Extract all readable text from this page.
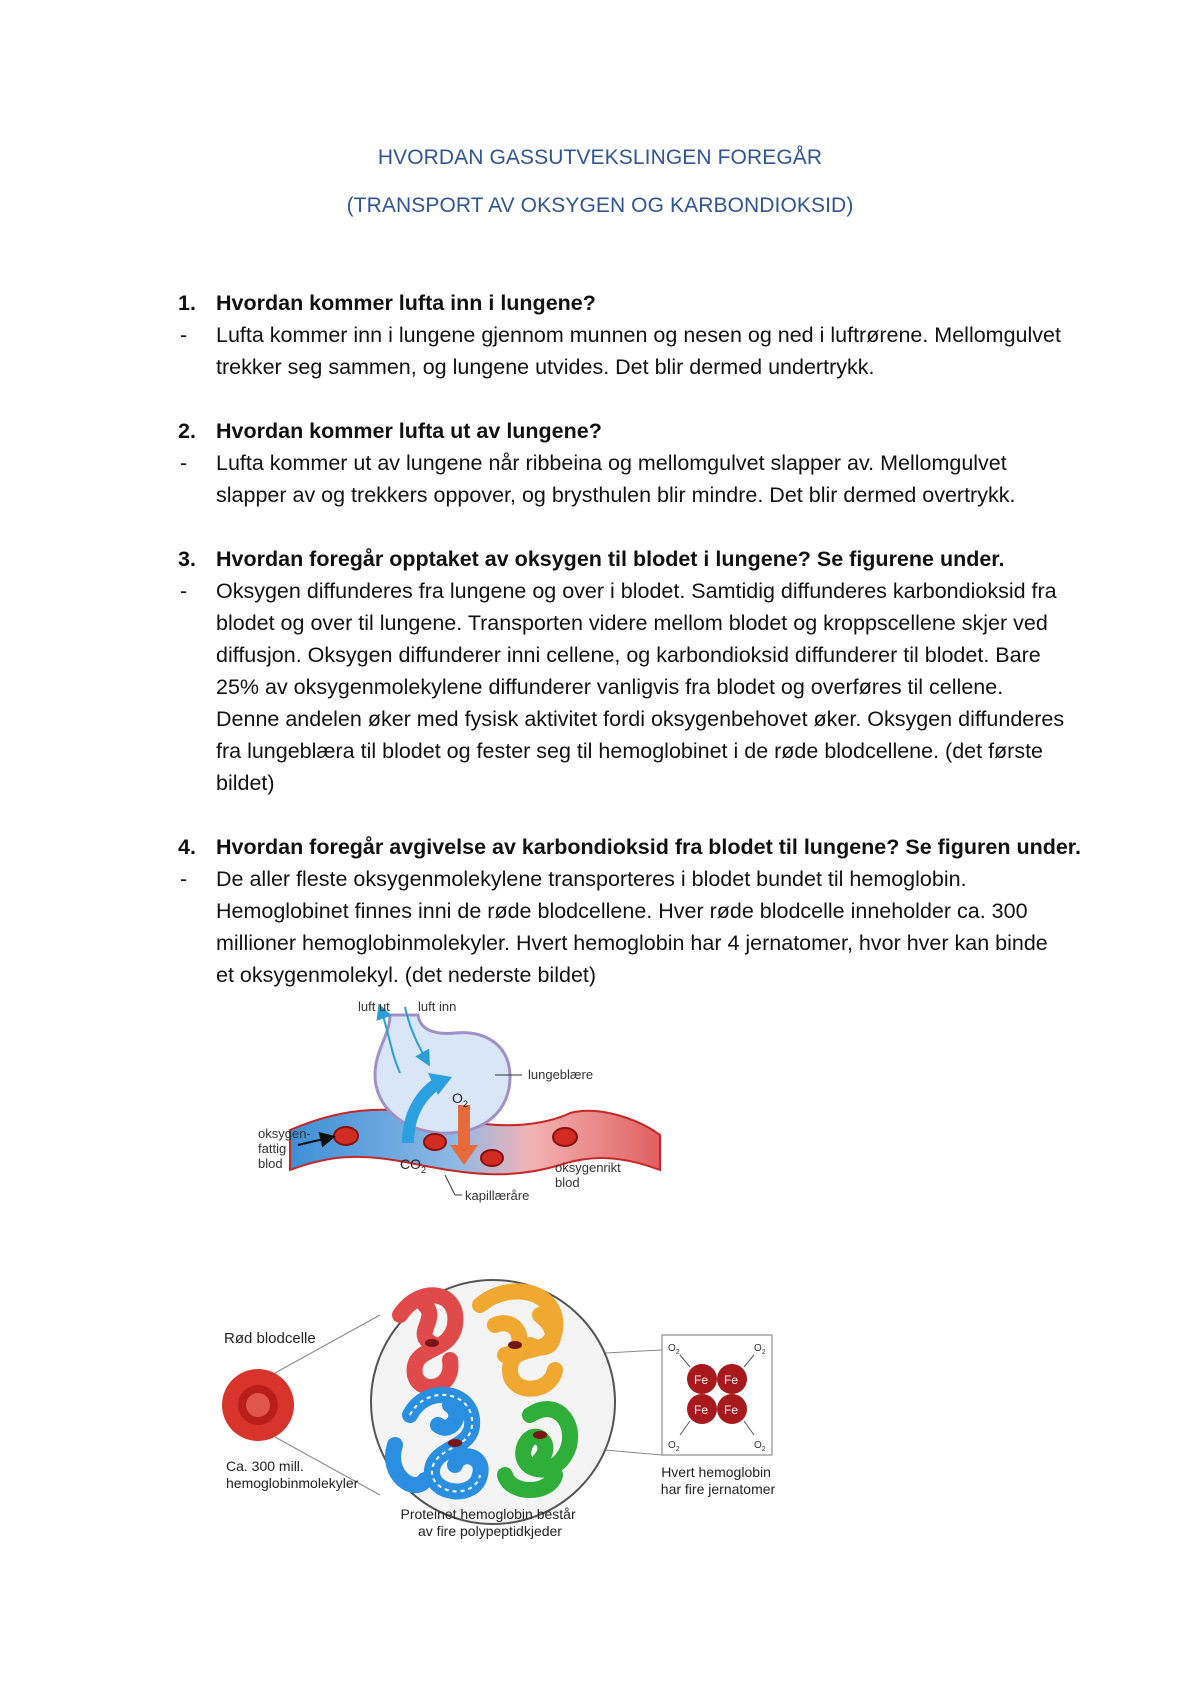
HVORDAN GASSUTVEKSLINGEN FOREGÅR
(TRANSPORT AV OKSYGEN OG KARBONDIOKSID)
1. Hvordan kommer lufta inn i lungene?
- Lufta kommer inn i lungene gjennom munnen og nesen og ned i luftrørene. Mellomgulvet trekker seg sammen, og lungene utvides. Det blir dermed undertrykk.

2. Hvordan kommer lufta ut av lungene?
- Lufta kommer ut av lungene når ribbeina og mellomgulvet slapper av. Mellomgulvet slapper av og trekkers oppover, og brysthulen blir mindre. Det blir dermed overtrykk.

3. Hvordan foregår opptaket av oksygen til blodet i lungene? Se figurene under.
- Oksygen diffunderes fra lungene og over i blodet. Samtidig diffunderes karbondioksid fra blodet og over til lungene. Transporten videre mellom blodet og kroppscellene skjer ved diffusjon. Oksygen diffunderer inni cellene, og karbondioksid diffunderer til blodet. Bare 25% av oksygenmolekylene diffunderer vanligvis fra blodet og overføres til cellene. Denne andelen øker med fysisk aktivitet fordi oksygenbehovet øker. Oksygen diffunderes fra lungeblæra til blodet og fester seg til hemoglobinet i de røde blodcellene. (det første bildet)

4. Hvordan foregår avgivelse av karbondioksid fra blodet til lungene? Se figuren under.
- De aller fleste oksygenmolekylene transporteres i blodet bundet til hemoglobin. Hemoglobinet finnes inni de røde blodcellene. Hver røde blodcelle inneholder ca. 300 millioner hemoglobinmolekyler. Hvert hemoglobin har 4 jernatomer, hvor hver kan binde et oksygenmolekyl. (det nederste bildet)

luft ut luft inn
lungeblære
$O_2$
$CO_2$
oksygen- fattig blod	oksygenrikt blod
kapillæråre
Fe Fe
Fe Fe
$O_2$	$O_2$
$O_2$	$O_2$
Rød blodcelle
Ca. 300 mill. hemoglobinmolekyler
Proteinet hemoglobin består av fire polypeptidkjeder
Hvert hemoglobin har fire jernatomer
